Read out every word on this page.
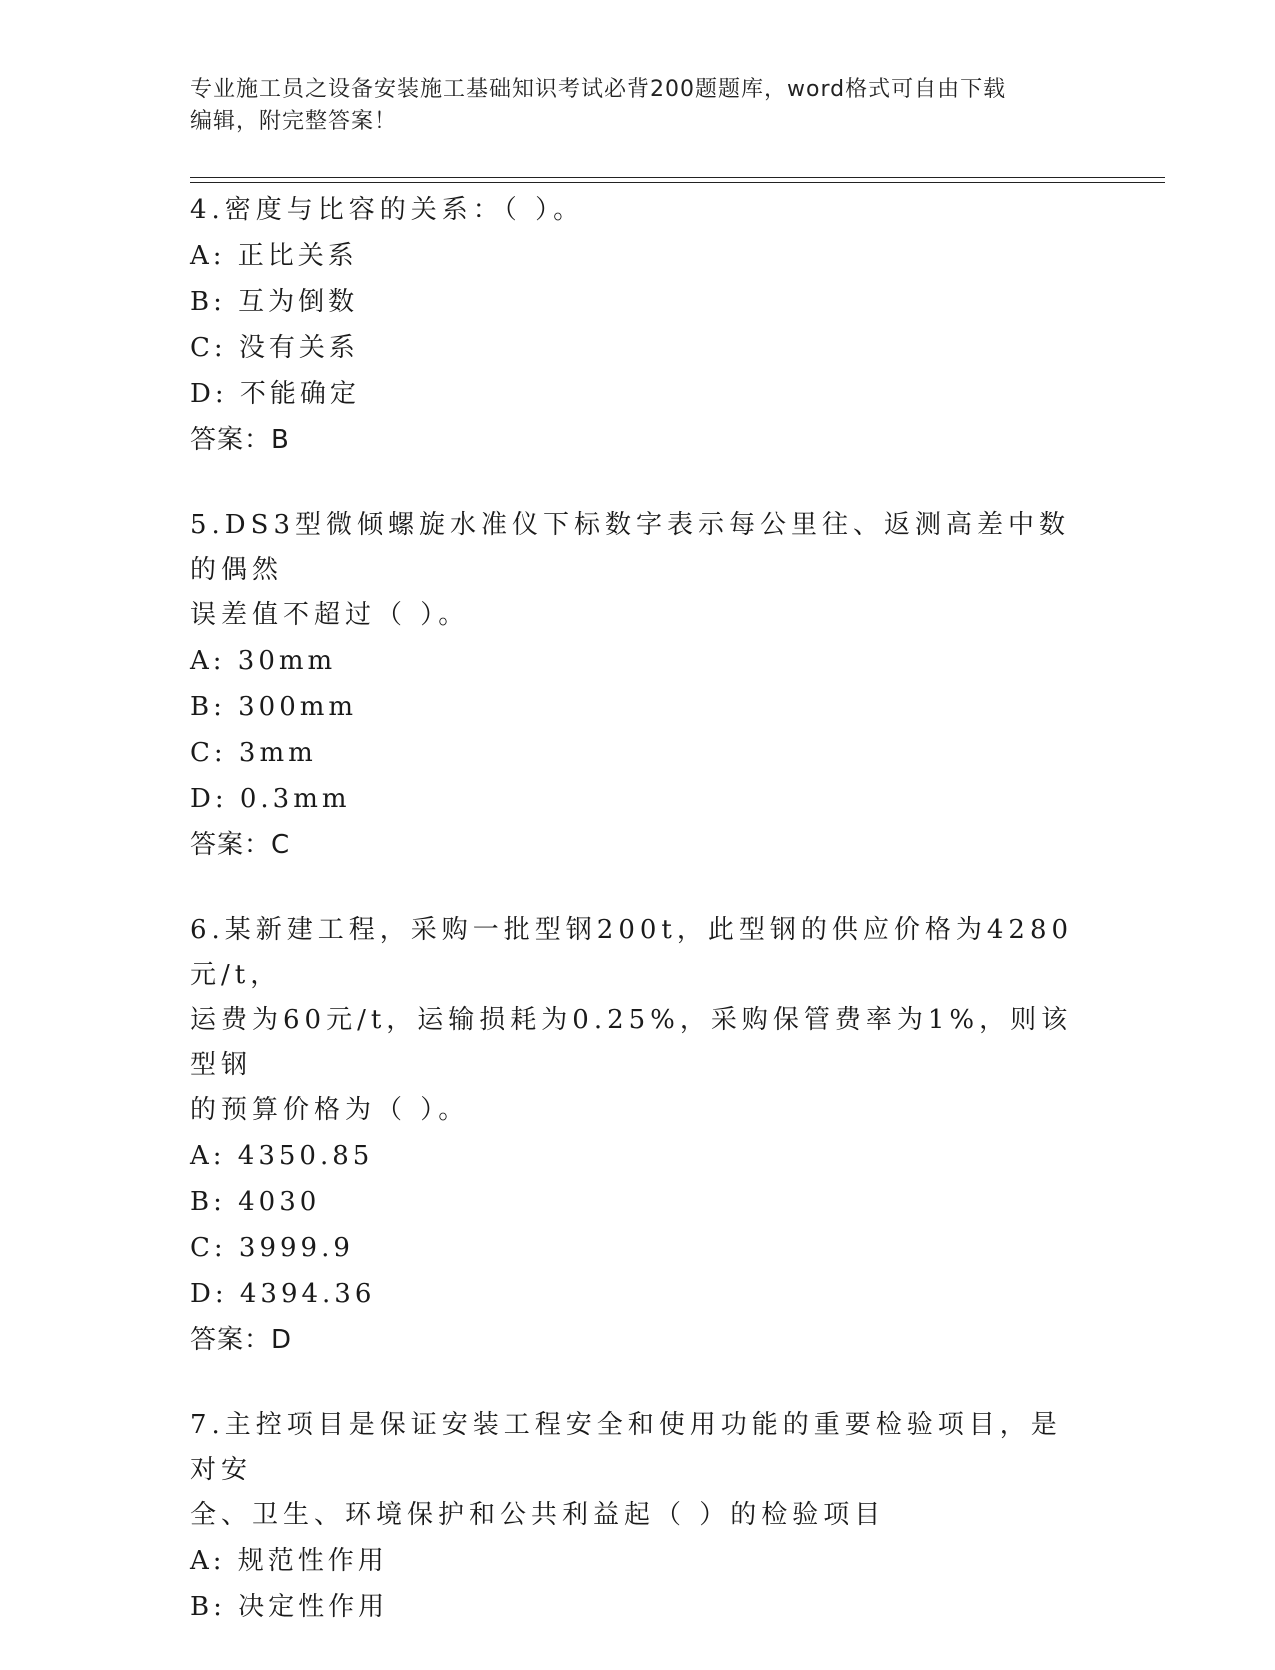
专业施工员之设备安装施工基础知识考试必背200题题库，word格式可自由下载
编辑，附完整答案！

4.密度与比容的关系：（ ）。

A: 正比关系

B: 互为倒数

C: 没有关系

D: 不能确定

答案：B

5.DS3型微倾螺旋水准仪下标数字表示每公里往、返测高差中数的偶然

误差值不超过（ ）。

A: 30mm

B: 300mm

C: 3mm

D: 0.3mm

答案：C

6.某新建工程，采购一批型钢200t，此型钢的供应价格为4280元/t，

运费为60元/t，运输损耗为0.25%，采购保管费率为1%，则该型钢

的预算价格为（ ）。

A: 4350.85

B: 4030

C: 3999.9

D: 4394.36

答案：D

7.主控项目是保证安装工程安全和使用功能的重要检验项目，是对安

全、卫生、环境保护和公共利益起（ ）的检验项目

A: 规范性作用

B: 决定性作用
